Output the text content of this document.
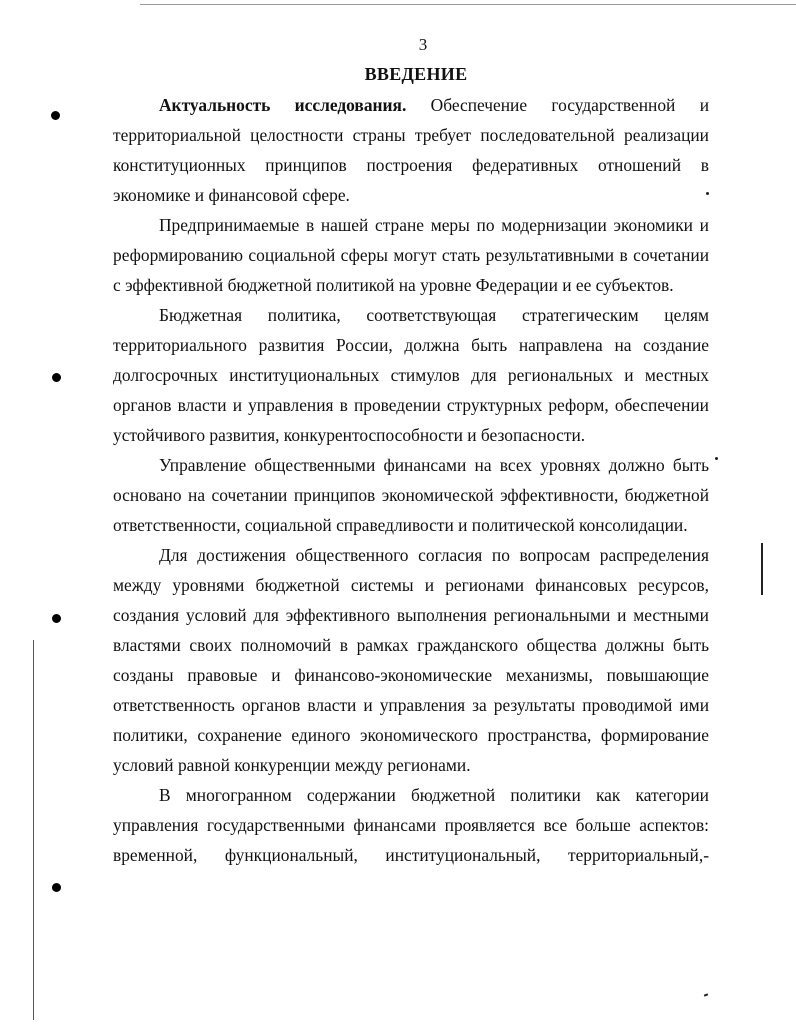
3
ВВЕДЕНИЕ

Актуальность исследования. Обеспечение государственной и территориальной целостности страны требует последовательной реализации конституционных принципов построения федеративных отношений в экономике и финансовой сфере.

Предпринимаемые в нашей стране меры по модернизации экономики и реформированию социальной сферы могут стать результативными в сочетании с эффективной бюджетной политикой на уровне Федерации и ее субъектов.

Бюджетная политика, соответствующая стратегическим целям территориального развития России, должна быть направлена на создание долгосрочных институциональных стимулов для региональных и местных органов власти и управления в проведении структурных реформ, обеспечении устойчивого развития, конкурентоспособности и безопасности.

Управление общественными финансами на всех уровнях должно быть основано на сочетании принципов экономической эффективности, бюджетной ответственности, социальной справедливости и политической консолидации.

Для достижения общественного согласия по вопросам распределения между уровнями бюджетной системы и регионами финансовых ресурсов, создания условий для эффективного выполнения региональными и местными властями своих полномочий в рамках гражданского общества должны быть созданы правовые и финансово-экономические механизмы, повышающие ответственность органов власти и управления за результаты проводимой ими политики, сохранение единого экономического пространства, формирование условий равной конкуренции между регионами.

В многогранном содержании бюджетной политики как категории управления государственными финансами проявляется все больше аспектов: временной, функциональный, институциональный, территориальный,-
